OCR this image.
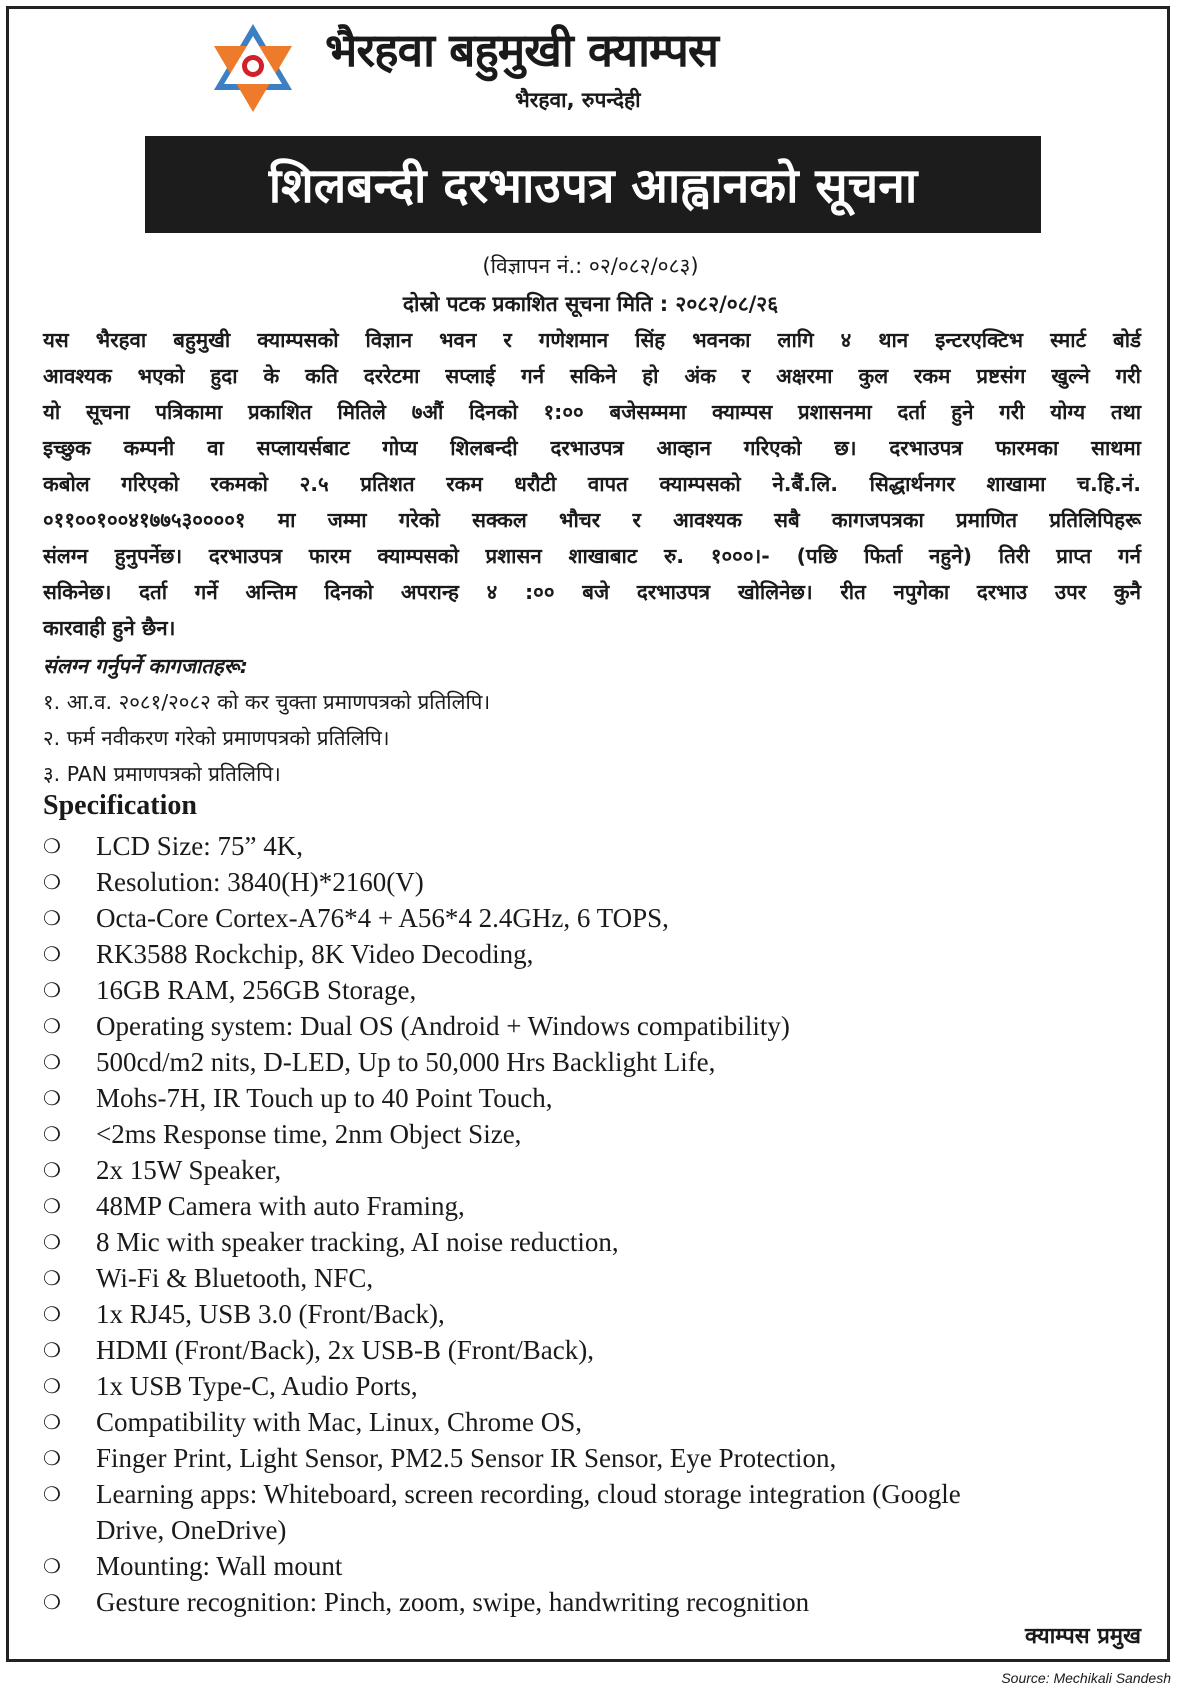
भैरहवा बहुमुखी क्याम्पस
भैरहवा, रुपन्देही
शिलबन्दी दरभाउपत्र आह्वानको सूचना
(विज्ञापन नं.: ०२/०८२/०८३)
दोस्रो पटक प्रकाशित सूचना मिति : २०८२/०८/२६
यस भैरहवा बहुमुखी क्याम्पसको विज्ञान भवन र गणेशमान सिंह भवनका लागि ४ थान इन्टरएक्टिभ स्मार्ट बोर्ड
आवश्यक भएको हुदा के कति दररेटमा सप्लाई गर्न सकिने हो अंक र अक्षरमा कुल रकम प्रष्टसंग खुल्ने गरी
यो सूचना पत्रिकामा प्रकाशित मितिले ७औं दिनको १:०० बजेसम्ममा क्याम्पस प्रशासनमा दर्ता हुने गरी योग्य तथा
इच्छुक कम्पनी वा सप्लायर्सबाट गोप्य शिलबन्दी दरभाउपत्र आव्हान गरिएको छ। दरभाउपत्र फारमका साथमा
कबोल गरिएको रकमको २.५ प्रतिशत रकम धरौटी वापत क्याम्पसको ने.बैं.लि. सिद्धार्थनगर शाखामा च.हि.नं.
०११००१००४१७७५३००००१ मा जम्मा गरेको सक्कल भौचर र आवश्यक सबै कागजपत्रका प्रमाणित प्रतिलिपिहरू
संलग्न हुनुपर्नेछ। दरभाउपत्र फारम क्याम्पसको प्रशासन शाखाबाट रु. १०००।- (पछि फिर्ता नहुने) तिरी प्राप्त गर्न
सकिनेछ। दर्ता गर्ने अन्तिम दिनको अपरान्ह ४ :०० बजे दरभाउपत्र खोलिनेछ। रीत नपुगेका दरभाउ उपर कुनै
कारवाही हुने छैन।
संलग्न गर्नुपर्ने कागजातहरू:
१. आ.व. २०८१/२०८२ को कर चुक्ता प्रमाणपत्रको प्रतिलिपि।
२. फर्म नवीकरण गरेको प्रमाणपत्रको प्रतिलिपि।
३. PAN प्रमाणपत्रको प्रतिलिपि।
Specification
❍	LCD Size: 75” 4K,
❍	Resolution: 3840(H)*2160(V)
❍	Octa-Core Cortex-A76*4 + A56*4 2.4GHz, 6 TOPS,
❍	RK3588 Rockchip, 8K Video Decoding,
❍	16GB RAM, 256GB Storage,
❍	Operating system: Dual OS (Android + Windows compatibility)
❍	500cd/m2 nits, D-LED, Up to 50,000 Hrs Backlight Life,
❍	Mohs-7H, IR Touch up to 40 Point Touch,
❍	<2ms Response time, 2nm Object Size,
❍	2x 15W Speaker,
❍	48MP Camera with auto Framing,
❍	8 Mic with speaker tracking, AI noise reduction,
❍	Wi-Fi & Bluetooth, NFC,
❍	1x RJ45, USB 3.0 (Front/Back),
❍	HDMI (Front/Back), 2x USB-B (Front/Back),
❍	1x USB Type-C, Audio Ports,
❍	Compatibility with Mac, Linux, Chrome OS,
❍	Finger Print, Light Sensor, PM2.5 Sensor IR Sensor, Eye Protection,
❍	Learning apps: Whiteboard, screen recording, cloud storage integration (Google Drive, OneDrive)
❍	Mounting: Wall mount
❍	Gesture recognition: Pinch, zoom, swipe, handwriting recognition
क्याम्पस प्रमुख
Source: Mechikali Sandesh
